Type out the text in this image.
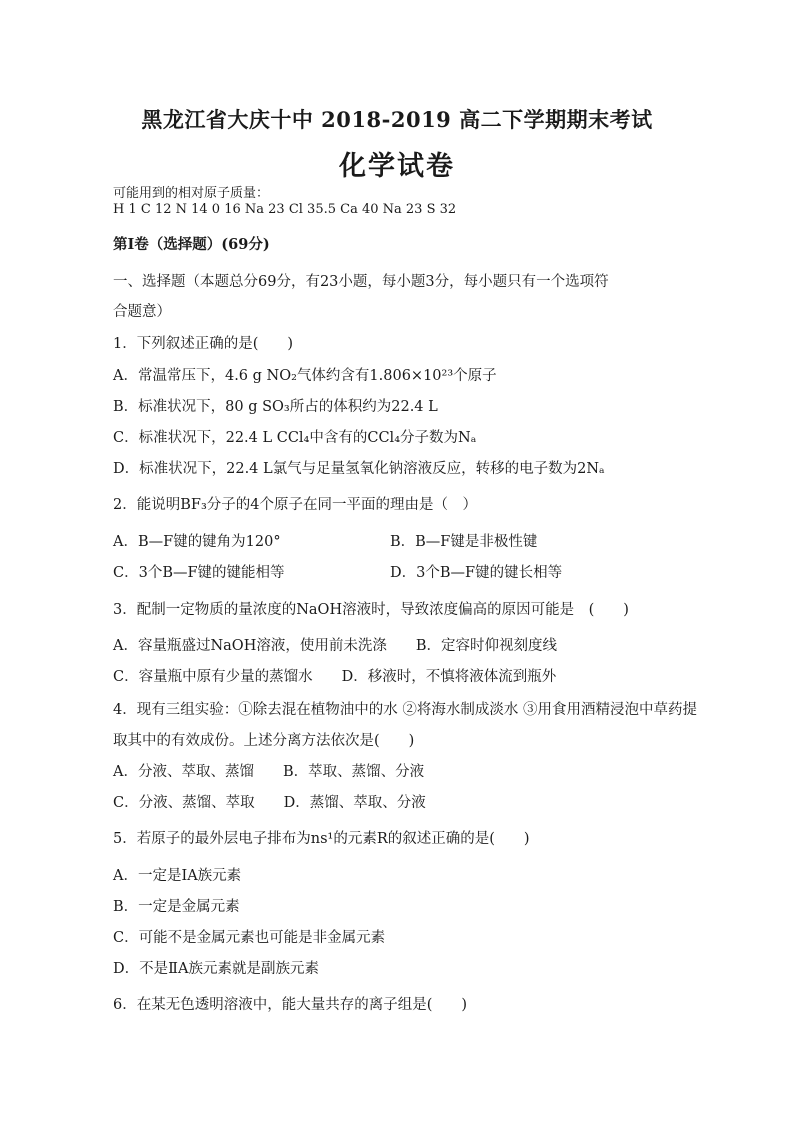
黑龙江省大庆十中 2018-2019 高二下学期期末考试
化学试卷
可能用到的相对原子质量：
H 1 C 12 N 14 0 16 Na 23 Cl 35.5 Ca 40 Na 23 S 32
第Ⅰ卷（选择题）(69分)
一、选择题（本题总分69分，有23小题，每小题3分，每小题只有一个选项符
合题意）
1．下列叙述正确的是(　　)
A．常温常压下，4.6 g NO₂气体约含有1.806×10²³个原子
B．标准状况下，80 g SO₃所占的体积约为22.4 L
C．标准状况下，22.4 L CCl₄中含有的CCl₄分子数为Nₐ
D．标准状况下，22.4 L氯气与足量氢氧化钠溶液反应，转移的电子数为2Nₐ
2．能说明BF₃分子的4个原子在同一平面的理由是（　）
A．B—F键的键角为120°	B．B—F键是非极性键
C．3个B—F键的键能相等	D．3个B—F键的键长相等
3．配制一定物质的量浓度的NaOH溶液时，导致浓度偏高的原因可能是　(　　)
A．容量瓶盛过NaOH溶液，使用前未洗涤　　B．定容时仰视刻度线
C．容量瓶中原有少量的蒸馏水　　D．移液时，不慎将液体流到瓶外
4．现有三组实验：①除去混在植物油中的水 ②将海水制成淡水 ③用食用酒精浸泡中草药提
取其中的有效成份。上述分离方法依次是(　　)
A．分液、萃取、蒸馏　　B．萃取、蒸馏、分液
C．分液、蒸馏、萃取　　D．蒸馏、萃取、分液
5．若原子的最外层电子排布为ns¹的元素R的叙述正确的是(　　)
A．一定是ⅠA族元素
B．一定是金属元素
C．可能不是金属元素也可能是非金属元素
D．不是ⅡA族元素就是副族元素
6．在某无色透明溶液中，能大量共存的离子组是(　　)
